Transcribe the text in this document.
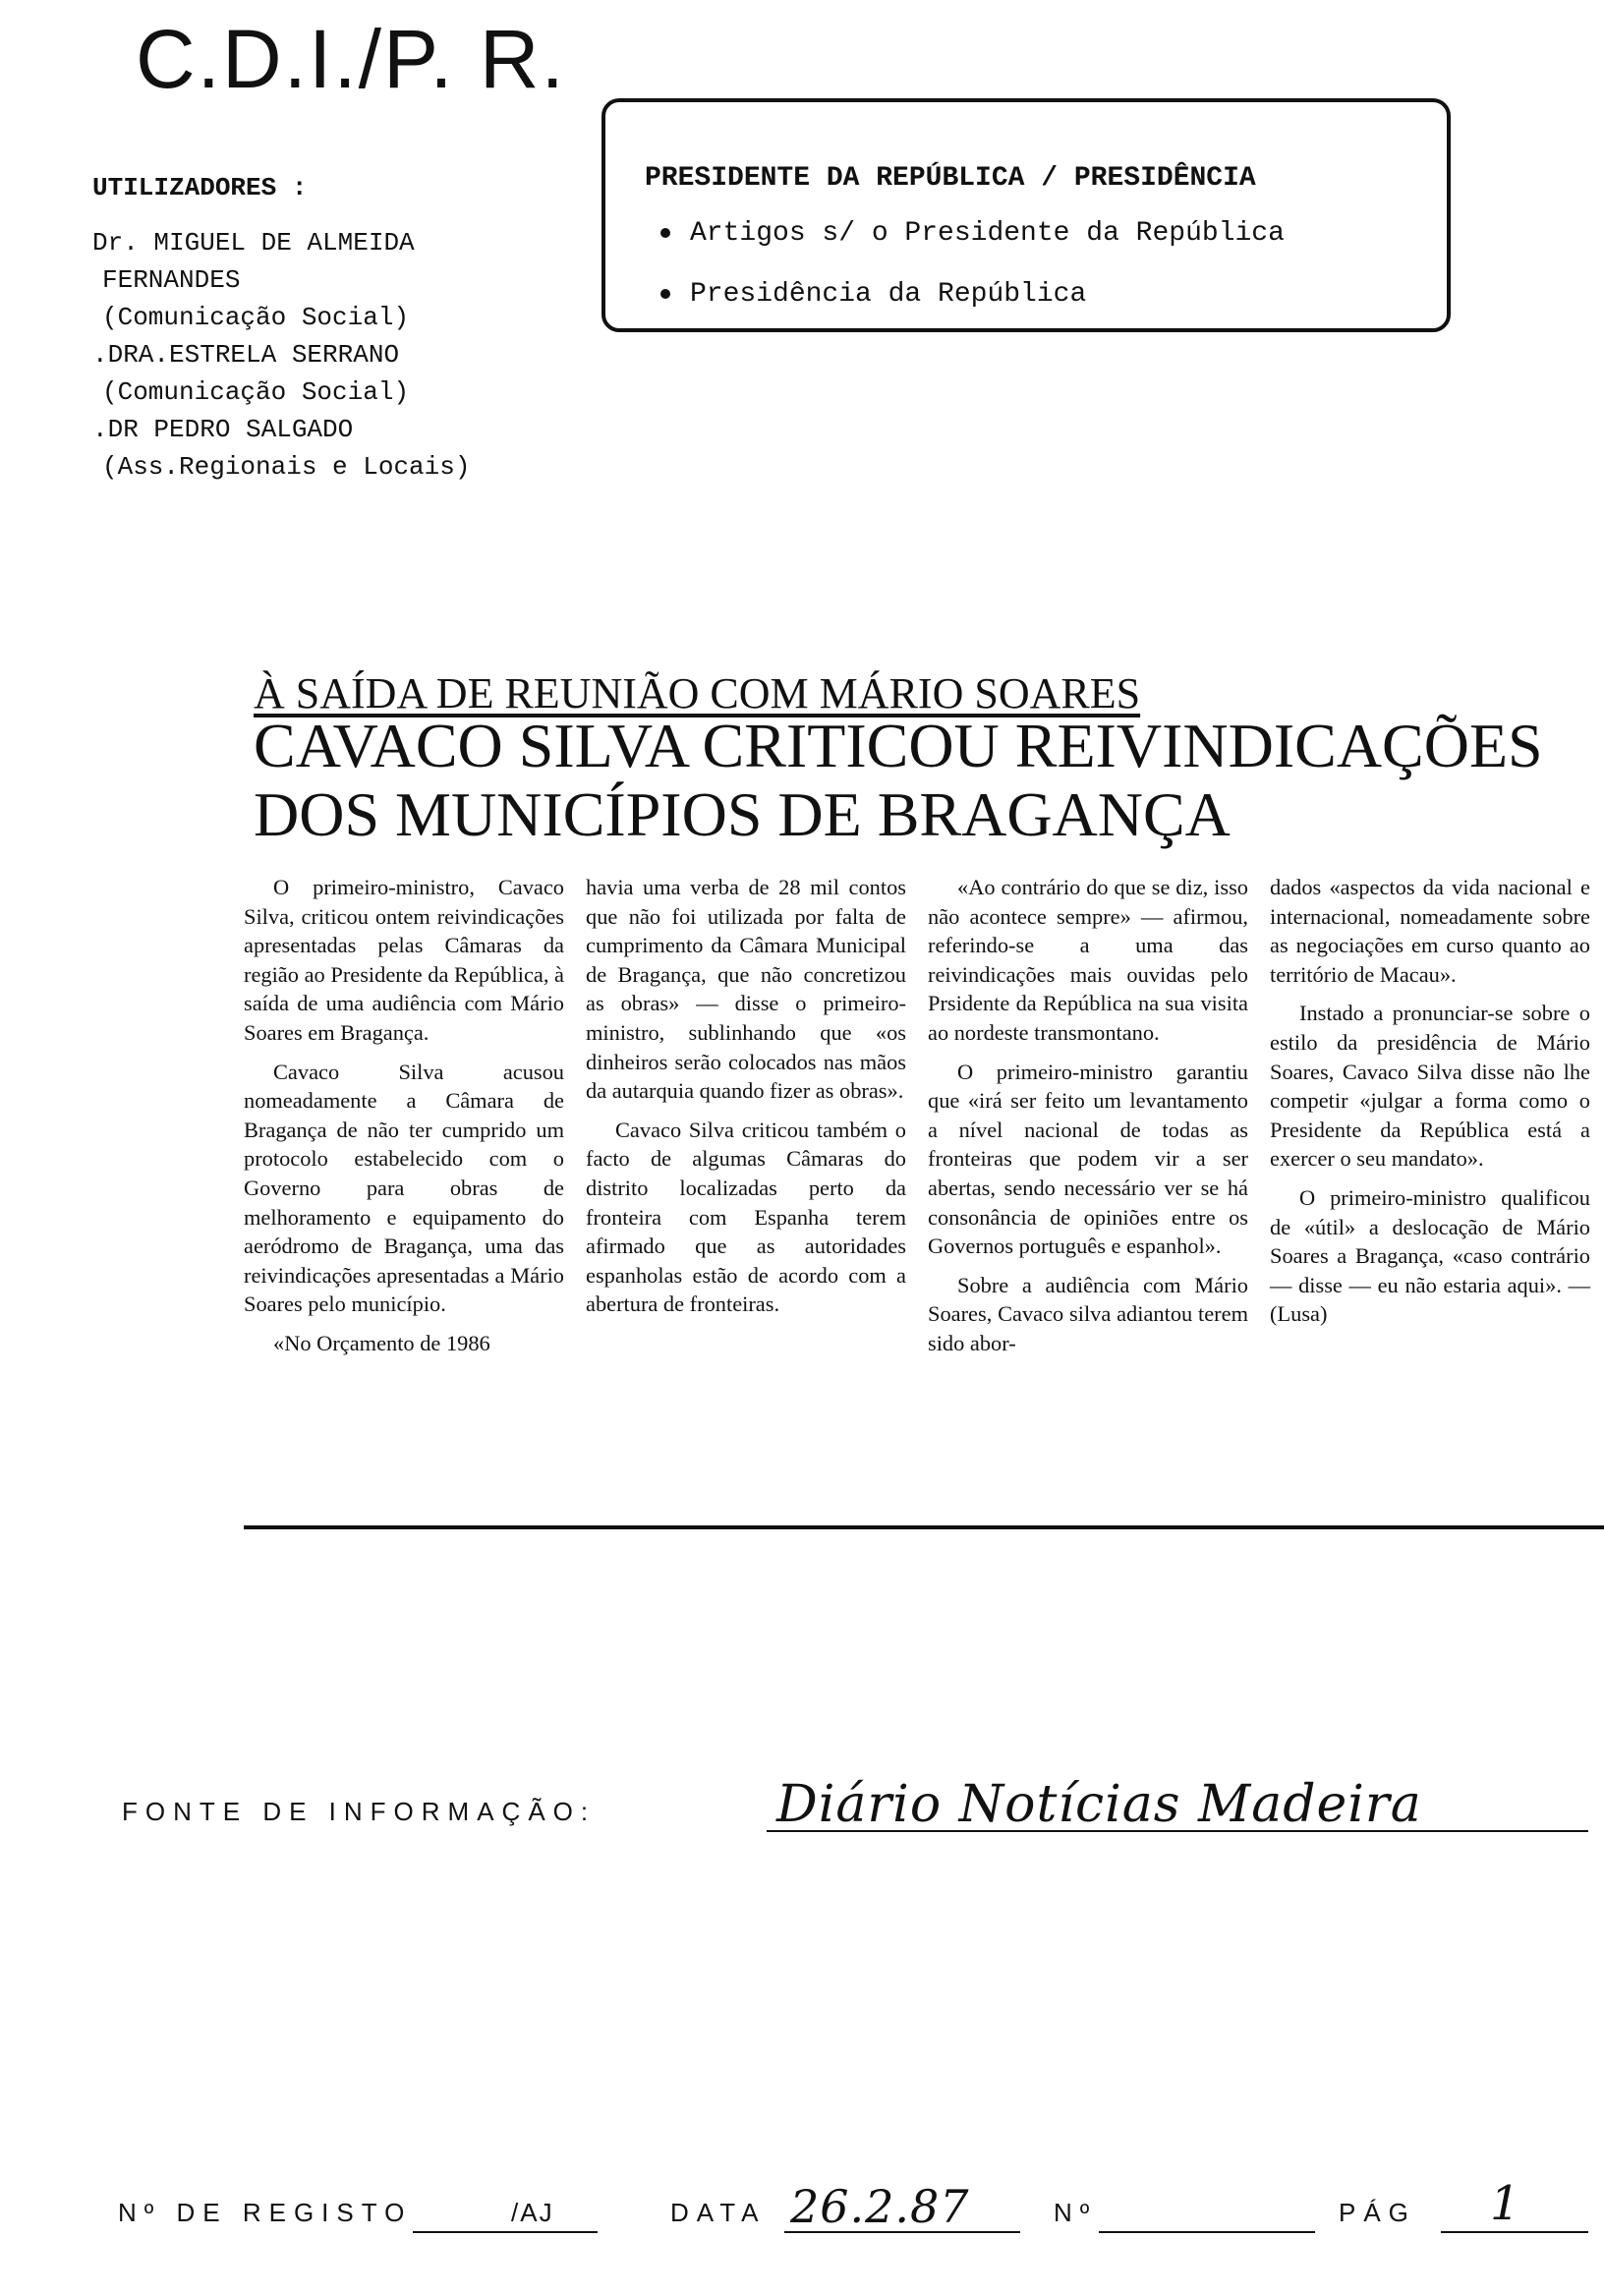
C.D.I./P. R.
UTILIZADORES :
Dr. MIGUEL DE ALMEIDA
FERNANDES
(Comunicação Social)
.DRA.ESTRELA SERRANO
(Comunicação Social)
.DR PEDRO SALGADO
(Ass.Regionais e Locais)
PRESIDENTE DA REPÚBLICA / PRESIDÊNCIA
Artigos s/ o Presidente da República
Presidência da República
À SAÍDA DE REUNIÃO COM MÁRIO SOARES
CAVACO SILVA CRITICOU REIVINDICAÇÕES
DOS MUNICÍPIOS DE BRAGANÇA

O primeiro-ministro, Cavaco Silva, criticou ontem reivindicações apresentadas pelas Câmaras da região ao Presidente da República, à saída de uma audiência com Mário Soares em Bragança.

Cavaco Silva acusou nomeadamente a Câmara de Bragança de não ter cumprido um protocolo estabelecido com o Governo para obras de melhoramento e equipamento do aeródromo de Bragança, uma das reivindicações apresentadas a Mário Soares pelo município.

«No Orçamento de 1986

havia uma verba de 28 mil contos que não foi utilizada por falta de cumprimento da Câmara Municipal de Bragança, que não concretizou as obras» — disse o primeiro-ministro, sublinhando que «os dinheiros serão colocados nas mãos da autarquia quando fizer as obras».

Cavaco Silva criticou também o facto de algumas Câmaras do distrito localizadas perto da fronteira com Espanha terem afirmado que as autoridades espanholas estão de acordo com a abertura de fronteiras.

«Ao contrário do que se diz, isso não acontece sempre» — afirmou, referindo-se a uma das reivindicações mais ouvidas pelo Prsidente da República na sua visita ao nordeste transmontano.

O primeiro-ministro garantiu que «irá ser feito um levantamento a nível nacional de todas as fronteiras que podem vir a ser abertas, sendo necessário ver se há consonância de opiniões entre os Governos português e espanhol».

Sobre a audiência com Mário Soares, Cavaco silva adiantou terem sido abor-

dados «aspectos da vida nacional e internacional, nomeadamente sobre as negociações em curso quanto ao território de Macau».

Instado a pronunciar-se sobre o estilo da presidência de Mário Soares, Cavaco Silva disse não lhe competir «julgar a forma como o Presidente da República está a exercer o seu mandato».

O primeiro-ministro qualificou de «útil» a deslocação de Mário Soares a Bragança, «caso contrário — disse — eu não estaria aqui». — (Lusa)

FONTE DE INFORMAÇÃO:	Diário Notícias Madeira
Nº DE REGISTO	/AJ	DATA 26.2.87	Nº	PÁG 1
